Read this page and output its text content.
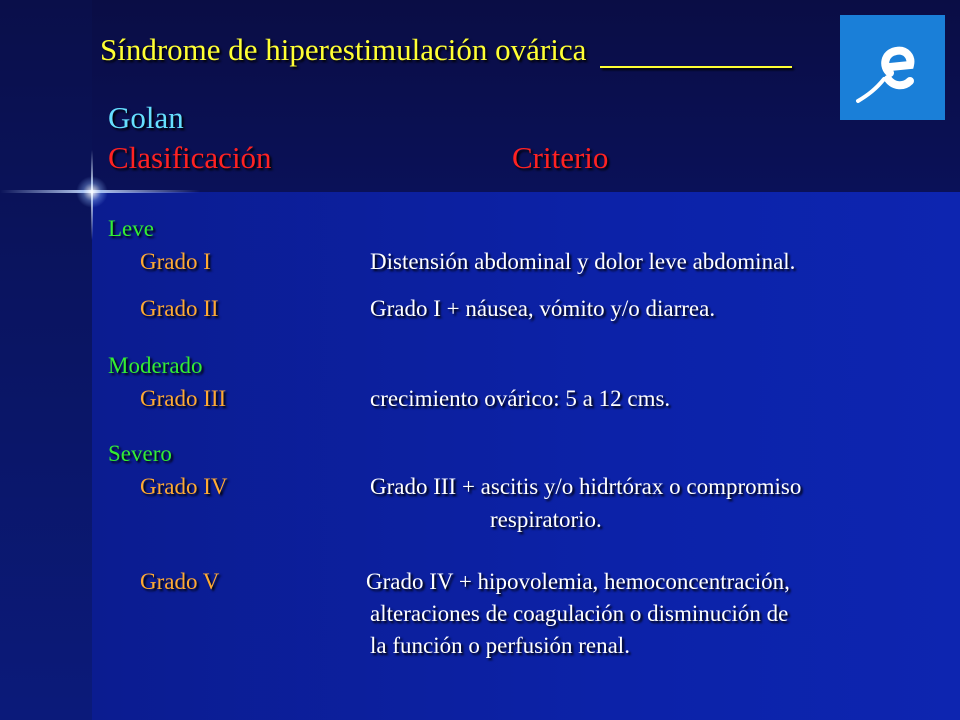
Síndrome de hiperestimulación ovárica
Golan
Clasificación	Criterio
Leve
Grado I	Distensión abdominal y dolor leve abdominal.
Grado II	Grado I + náusea, vómito y/o diarrea.
Moderado
Grado III	crecimiento ovárico: 5 a 12 cms.
Severo
Grado IV	Grado III + ascitis y/o hidrtórax o compromiso
respiratorio.
Grado V	Grado IV + hipovolemia, hemoconcentración,
alteraciones de coagulación o disminución de
la función o perfusión renal.
